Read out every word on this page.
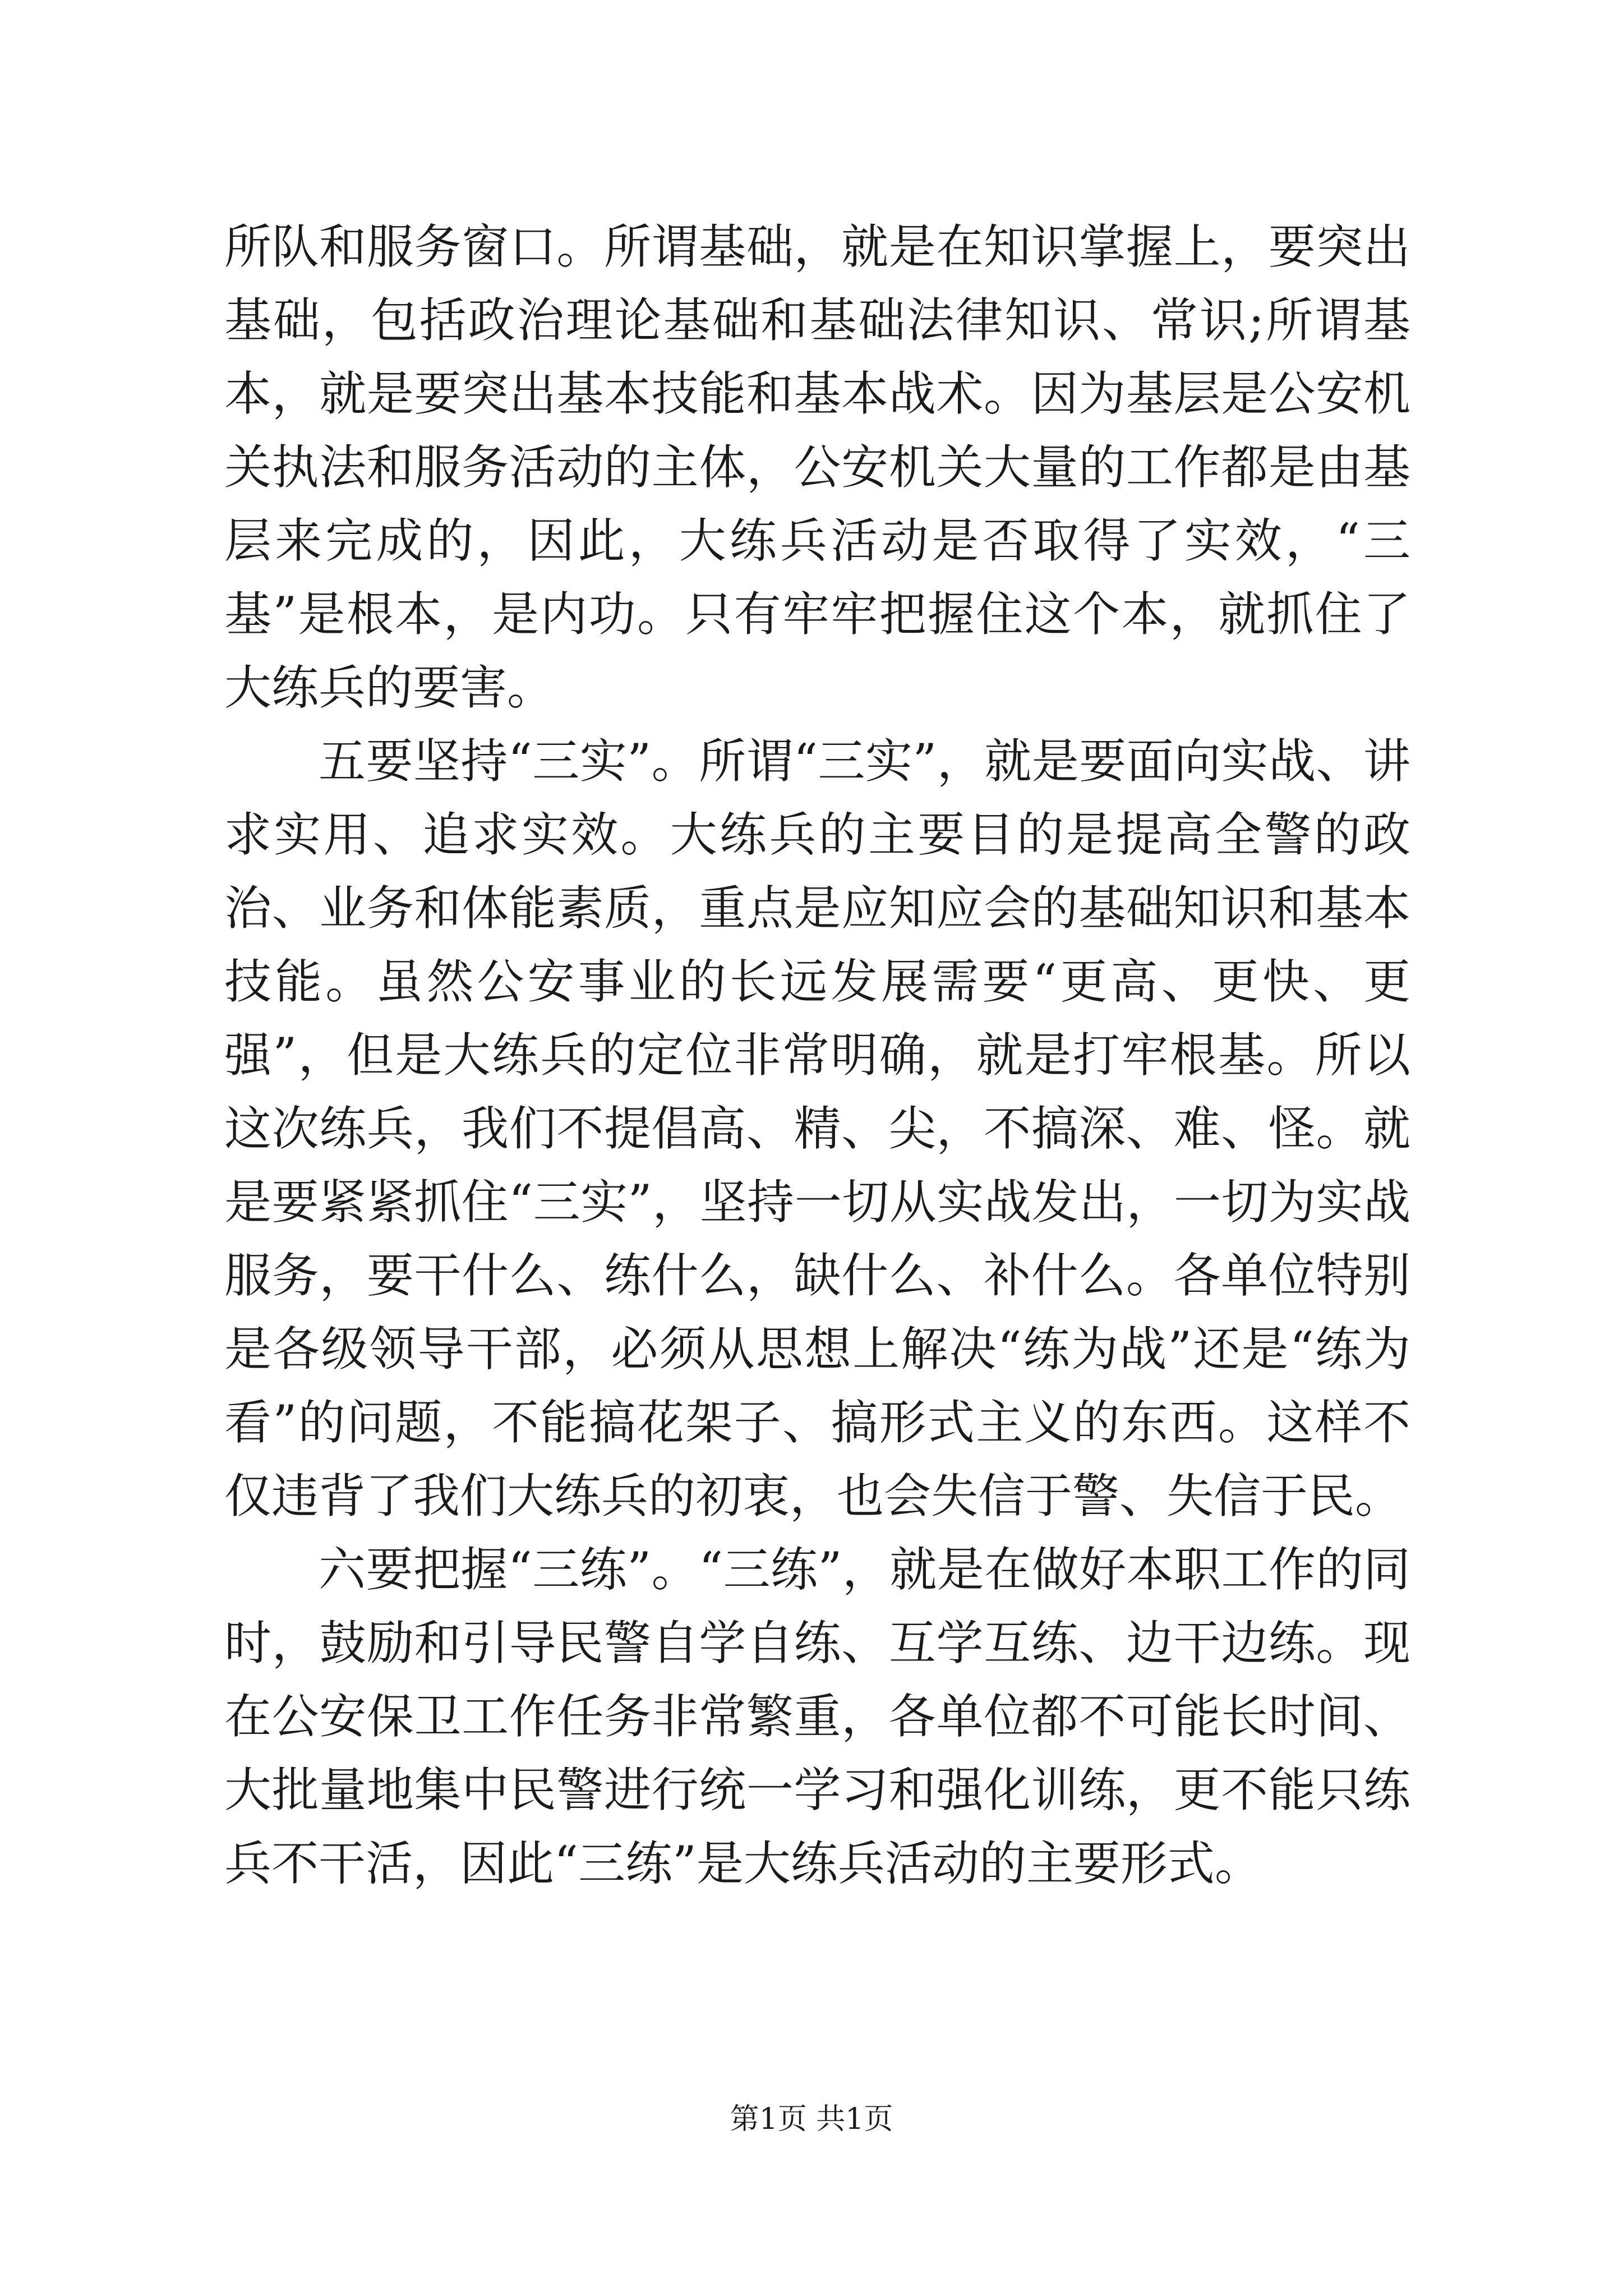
所队和服务窗口。所谓基础，就是在知识掌握上，要突出基础，包括政治理论基础和基础法律知识、常识;所谓基本，就是要突出基本技能和基本战术。因为基层是公安机关执法和服务活动的主体，公安机关大量的工作都是由基层来完成的，因此，大练兵活动是否取得了实效，“三基”是根本，是内功。只有牢牢把握住这个本，就抓住了大练兵的要害。

五要坚持“三实”。所谓“三实”，就是要面向实战、讲求实用、追求实效。大练兵的主要目的是提高全警的政治、业务和体能素质，重点是应知应会的基础知识和基本技能。虽然公安事业的长远发展需要“更高、更快、更强”，但是大练兵的定位非常明确，就是打牢根基。所以这次练兵，我们不提倡高、精、尖，不搞深、难、怪。就是要紧紧抓住“三实”，坚持一切从实战发出，一切为实战服务，要干什么、练什么，缺什么、补什么。各单位特别是各级领导干部，必须从思想上解决“练为战”还是“练为看”的问题，不能搞花架子、搞形式主义的东西。这样不仅违背了我们大练兵的初衷，也会失信于警、失信于民。

六要把握“三练”。“三练”，就是在做好本职工作的同时，鼓励和引导民警自学自练、互学互练、边干边练。现在公安保卫工作任务非常繁重，各单位都不可能长时间、大批量地集中民警进行统一学习和强化训练，更不能只练兵不干活，因此“三练”是大练兵活动的主要形式。

第1页 共1页
